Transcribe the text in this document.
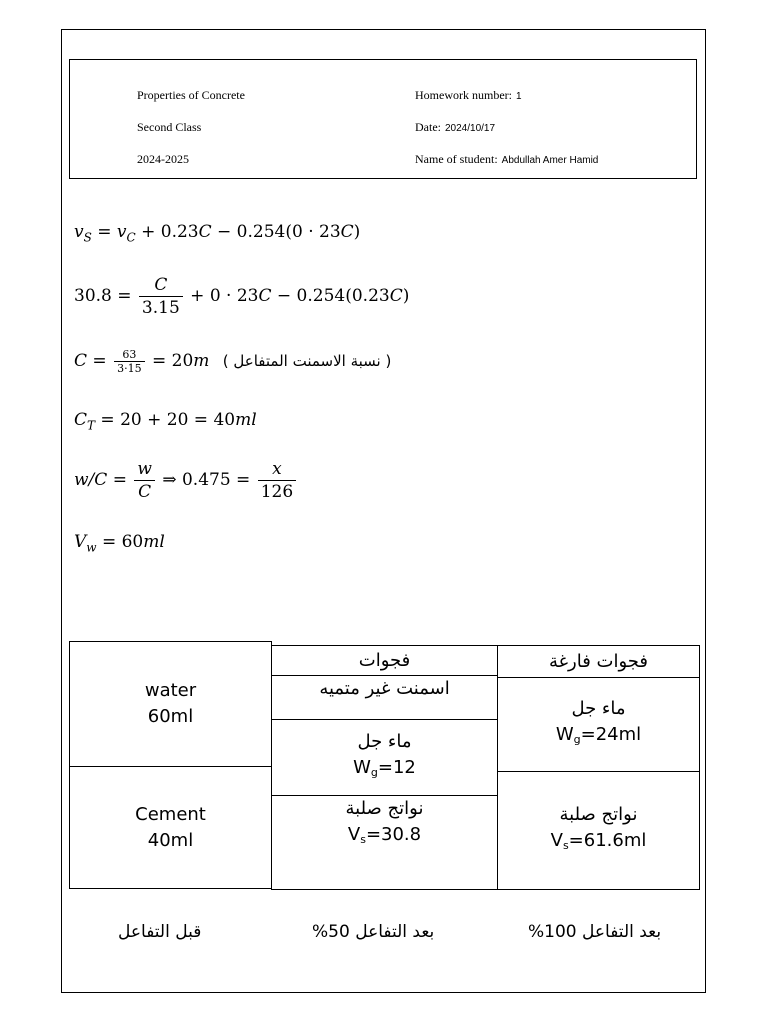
Properties of Concrete
Second Class
2024-2025
Homework number: 1
Date: 2024/10/17
Name of student: Abdullah Amer Hamid
$v_S = v_C + 0.23C - 0.254(0 \cdot 23C)$
$30.8 = \frac{C}{3.15} + 0 \cdot 23C - 0.254(0.23C)$
$C = \frac{63}{3\cdot 15} = 20m$ ( نسبة الاسمنت المتفاعل )
$C_T = 20 + 20 = 40ml$
$w/C = \frac{w}{C}$ ⇒ $0.475 = \frac{x}{126}$
$V_w = 60ml$
water
60ml
Cement
40ml
فجوات
اسمنت غير متميه
ماء جل
$W_g=12$
نواتج صلبة
$V_s=30.8$
فجوات فارغة
ماء جل
$W_g=24ml$
نواتج صلبة
$V_s=61.6ml$
قبل التفاعل	بعد التفاعل 50%	بعد التفاعل 100%
